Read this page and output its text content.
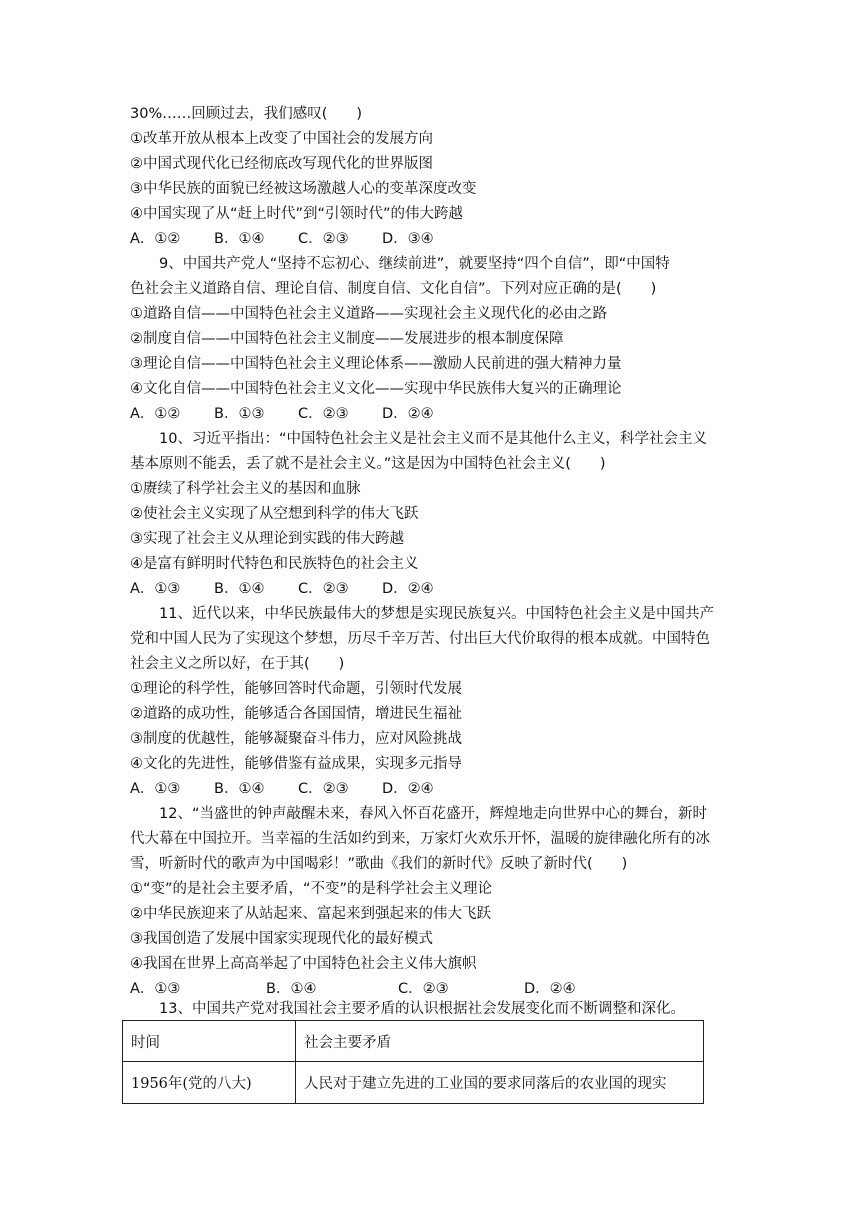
30%……回顾过去，我们感叹(　　)
①改革开放从根本上改变了中国社会的发展方向
②中国式现代化已经彻底改写现代化的世界版图
③中华民族的面貌已经被这场激越人心的变革深度改变
④中国实现了从“赶上时代”到“引领时代”的伟大跨越
A．①② B．①④ C．②③ D．③④
9、中国共产党人“坚持不忘初心、继续前进”，就要坚持“四个自信”，即“中国特
色社会主义道路自信、理论自信、制度自信、文化自信”。下列对应正确的是(　　)
①道路自信——中国特色社会主义道路——实现社会主义现代化的必由之路
②制度自信——中国特色社会主义制度——发展进步的根本制度保障
③理论自信——中国特色社会主义理论体系——激励人民前进的强大精神力量
④文化自信——中国特色社会主义文化——实现中华民族伟大复兴的正确理论
A．①② B．①③ C．②③ D．②④
10、习近平指出：“中国特色社会主义是社会主义而不是其他什么主义，科学社会主义
基本原则不能丢，丢了就不是社会主义。”这是因为中国特色社会主义(　　)
①赓续了科学社会主义的基因和血脉
②使社会主义实现了从空想到科学的伟大飞跃
③实现了社会主义从理论到实践的伟大跨越
④是富有鲜明时代特色和民族特色的社会主义
A．①③ B．①④ C．②③ D．②④
11、近代以来，中华民族最伟大的梦想是实现民族复兴。中国特色社会主义是中国共产
党和中国人民为了实现这个梦想，历尽千辛万苦、付出巨大代价取得的根本成就。中国特色
社会主义之所以好，在于其(　　)
①理论的科学性，能够回答时代命题，引领时代发展
②道路的成功性，能够适合各国国情，增进民生福祉
③制度的优越性，能够凝聚奋斗伟力，应对风险挑战
④文化的先进性，能够借鉴有益成果，实现多元指导
A．①③ B．①④ C．②③ D．②④
12、“当盛世的钟声敲醒未来，春风入怀百花盛开，辉煌地走向世界中心的舞台，新时
代大幕在中国拉开。当幸福的生活如约到来，万家灯火欢乐开怀，温暖的旋律融化所有的冰
雪，听新时代的歌声为中国喝彩！”歌曲《我们的新时代》反映了新时代(　　)
①“变”的是社会主要矛盾，“不变”的是科学社会主义理论
②中华民族迎来了从站起来、富起来到强起来的伟大飞跃
③我国创造了发展中国家实现现代化的最好模式
④我国在世界上高高举起了中国特色社会主义伟大旗帜
A．①③	B．①④	C．②③	D．②④
13、中国共产党对我国社会主要矛盾的认识根据社会发展变化而不断调整和深化。
时间	社会主要矛盾
1956年(党的八大)	人民对于建立先进的工业国的要求同落后的农业国的现实
